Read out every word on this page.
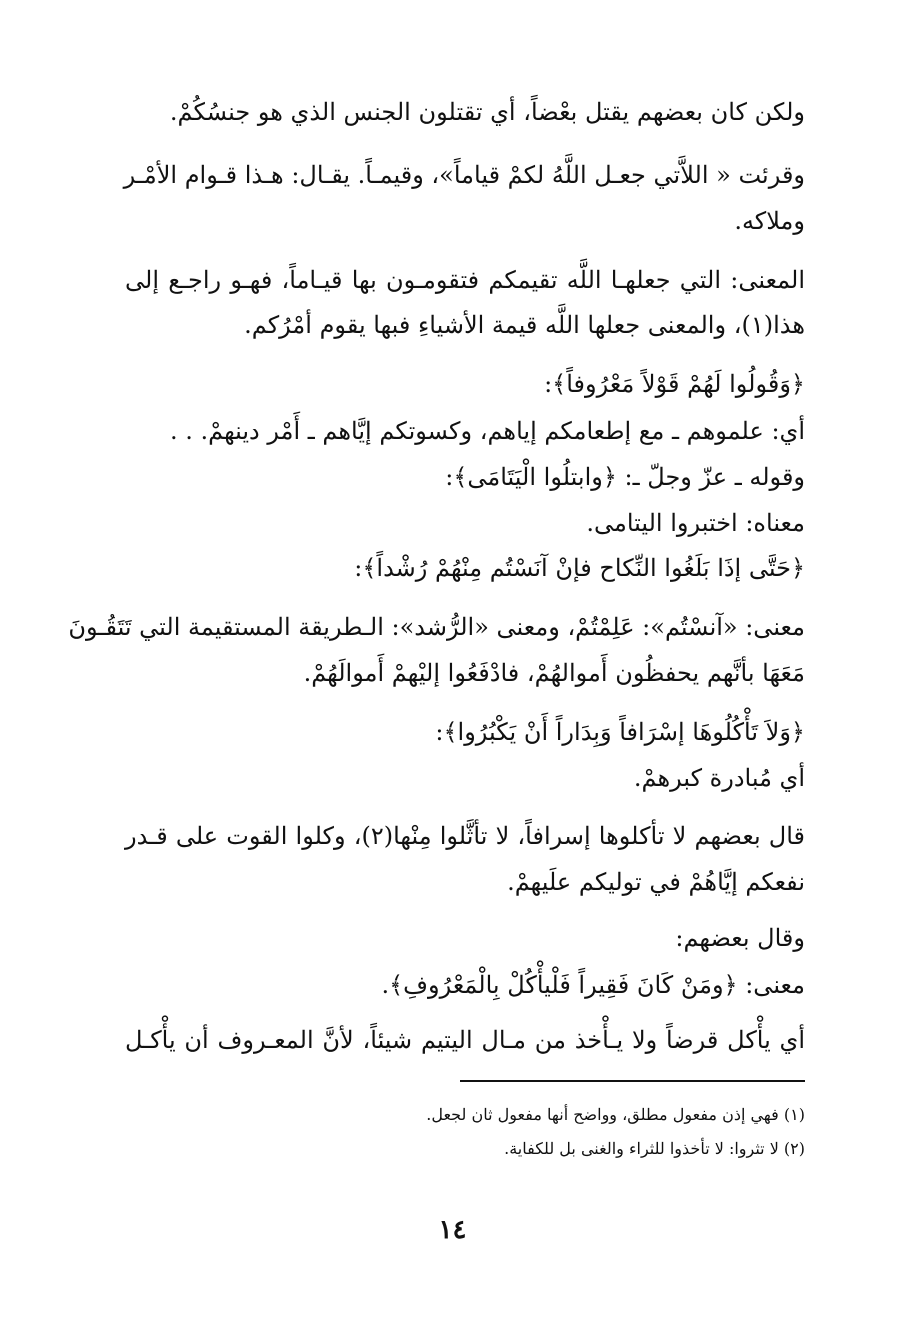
ولكن كان بعضهم يقتل بعْضاً، أي تقتلون الجنس الذي هو جنسُكُمْ.
وقرئت « اللاَّتي جعـل اللَّهُ لكمْ قياماً»، وقيمـاً. يقـال: هـذا قـوام الأمْـر
وملاكه.
المعنى: التي جعلهـا اللَّه تقيمكم فتقومـون بها قيـاماً، فهـو راجـع إلى
هذا(١)، والمعنى جعلها اللَّه قيمة الأشياءِ فبها يقوم أمْرُكم.
﴿وَقُولُوا لَهُمْ قَوْلاً مَعْرُوفاً﴾:
أي: علموهم ـ مع إطعامكم إياهم، وكسوتكم إيَّاهم ـ أَمْر دينهمْ. . .
وقوله ـ عزّ وجلّ ـ: ﴿وابتلُوا الْيَتَامَى﴾:
معناه: اختبروا اليتامى.
﴿حَتَّى إذَا بَلَغُوا النِّكاح فإنْ آنَسْتُم مِنْهُمْ رُشْداً﴾:
معنى: «آنسْتُم»: عَلِمْتُمْ، ومعنى «الرُّشد»: الـطريقة المستقيمة التي تَتَقُـونَ
مَعَهَا بأنَّهم يحفظُون أَموالهُمْ، فادْفَعُوا إليْهمْ أَموالَهُمْ.
﴿وَلاَ تَأْكُلُوهَا إسْرَافاً وَبِدَاراً أَنْ يَكْبُرُوا﴾:
أي مُبادرة كبرهمْ.
قال بعضهم لا تأكلوها إسرافاً، لا تأثَّلوا مِنْها(٢)، وكلوا القوت على قـدر
نفعكم إيَّاهُمْ في توليكم علَيهمْ.
وقال بعضهم:
معنى: ﴿ومَنْ كَانَ فَقِيراً فَلْيأْكُلْ بِالْمَعْرُوفِ﴾.
أي يأْكل قرضاً ولا يـأْخذ من مـال اليتيم شيئاً، لأنَّ المعـروف أن يأْكـل
(١) فهي إذن مفعول مطلق، وواضح أنها مفعول ثان لجعل.
(٢) لا تثروا: لا تأخذوا للثراء والغنى بل للكفاية.
١٤
